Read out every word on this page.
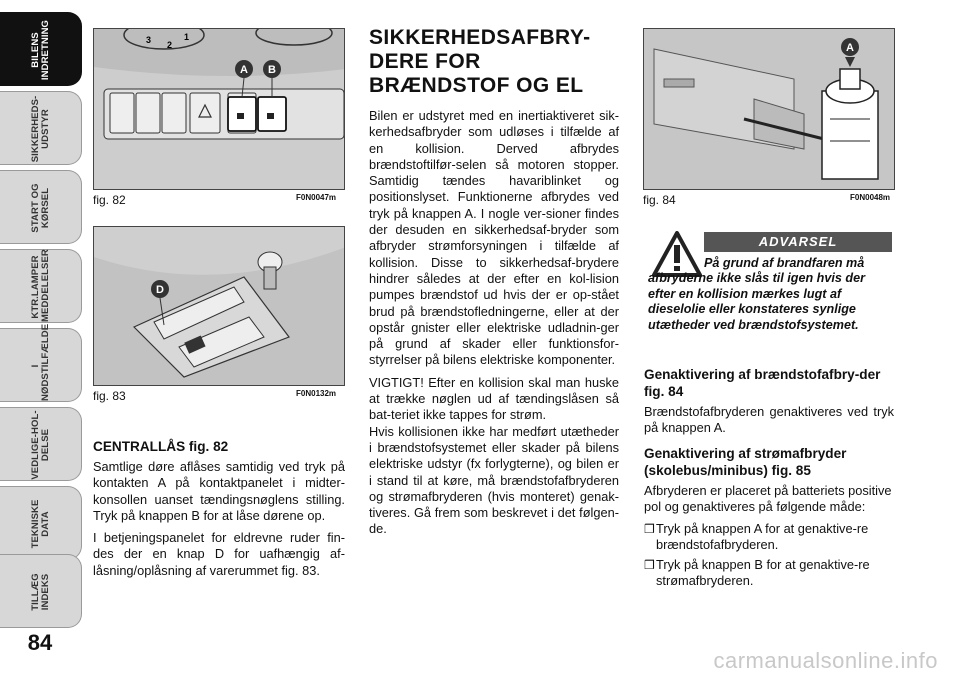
BILENS
INDRETNING
SIKKERHEDS-
UDSTYR
START OG
KØRSEL
KTR.LAMPER
MEDDELELSER
I
NØDSTILFÆLDE
VEDLIGE-HOL-
DELSE
TEKNISKE DATA
TILLÆG
INDEKS
84
3 2
1
A B
fig. 82	F0N0047m
D
fig. 83	F0N0132m
CENTRALLÅS fig. 82

Samtlige døre aflåses samtidig ved tryk på kontakten A på kontaktpanelet i midter-konsollen uanset tændingsnøglens stilling. Tryk på knappen B for at låse dørene op.

I betjeningspanelet for eldrevne ruder fin-des der en knap D for uafhængig af-låsning/oplåsning af varerummet fig. 83.

SIKKERHEDSAFBRY-DERE FOR BRÆNDSTOF OG EL

Bilen er udstyret med en inertiaktiveret sik-kerhedsafbryder som udløses i tilfælde af en kollision. Derved afbrydes brændstoftilfør-selen så motoren stopper. Samtidig tændes havariblinket og positionslyset. Funktionerne afbrydes ved tryk på knappen A. I nogle ver-sioner findes der desuden en sikkerhedsaf-bryder som afbryder strømforsyningen i tilfælde af kollision. Disse to sikkerhedsaf-brydere hindrer således at der efter en kol-lision pumpes brændstof ud hvis der er op-stået brud på brændstofledningerne, eller at der opstår gnister eller elektriske udladnin-ger på grund af skader eller funktionsfor-styrrelser på bilens elektriske komponenter.

VIGTIGT! Efter en kollision skal man huske at trække nøglen ud af tændingslåsen så bat-teriet ikke tappes for strøm.

Hvis kollisionen ikke har medført utætheder i brændstofsystemet eller skader på bilens elektriske udstyr (fx forlygterne), og bilen er i stand til at køre, må brændstofafbryderen og strømafbryderen (hvis monteret) genak-tiveres. Gå frem som beskrevet i det følgen-de.

A
fig. 84	F0N0048m
ADVARSEL
På grund af brandfaren må afbryderne ikke slås til igen hvis der efter en kollision mærkes lugt af dieselolie eller konstateres synlige utætheder ved brændstofsystemet.
Genaktivering af brændstofafbry-der fig. 84

Brændstofafbryderen genaktiveres ved tryk på knappen A.

Genaktivering af strømafbryder (skolebus/minibus) fig. 85

Afbryderen er placeret på batteriets positive pol og genaktiveres på følgende måde:

❒ Tryk på knappen A for at genaktive-re brændstofafbryderen.
❒ Tryk på knappen B for at genaktive-re strømafbryderen.
carmanualsonline.info
